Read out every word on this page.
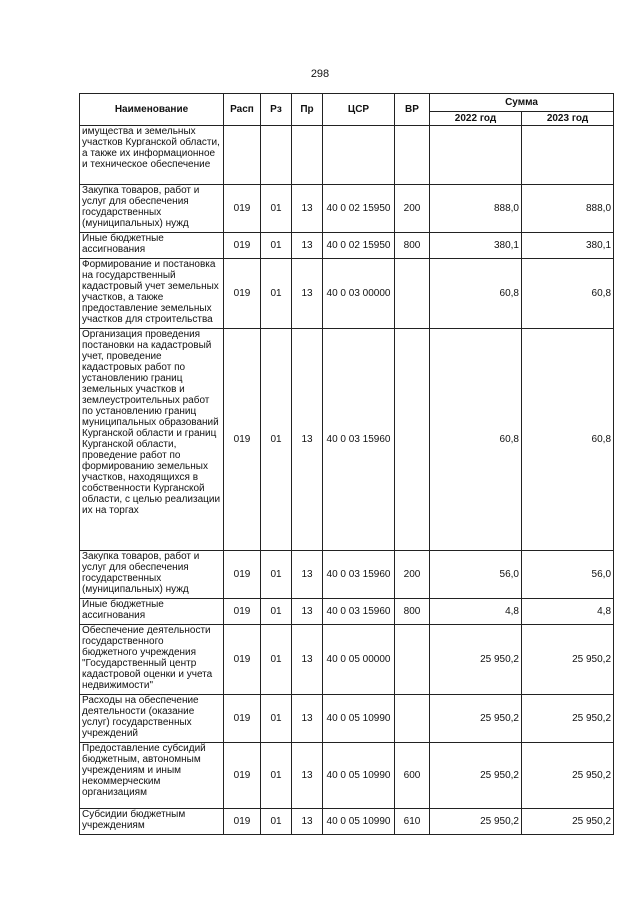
298
Наименование	Расп	Рз	Пр	ЦСР	ВР	Сумма	
						2022 год	2023 год
имущества и земельных участков Курганской области, а также их информационное и техническое обеспечение							
Закупка товаров, работ и услуг для обеспечения государственных (муниципальных) нужд	019	01	13	40 0 02 15950	200	888,0	888,0
Иные бюджетные ассигнования	019	01	13	40 0 02 15950	800	380,1	380,1
Формирование и постановка на государственный кадастровый учет земельных участков, а также предоставление земельных участков для строительства	019	01	13	40 0 03 00000		60,8	60,8
Организация проведения постановки на кадастровый учет, проведение кадастровых работ по установлению границ земельных участков и землеустроительных работ по установлению границ муниципальных образований Курганской области и границ Курганской области, проведение работ по формированию земельных участков, находящихся в собственности Курганской области, с целью реализации их на торгах	019	01	13	40 0 03 15960		60,8	60,8
Закупка товаров, работ и услуг для обеспечения государственных (муниципальных) нужд	019	01	13	40 0 03 15960	200	56,0	56,0
Иные бюджетные ассигнования	019	01	13	40 0 03 15960	800	4,8	4,8
Обеспечение деятельности государственного бюджетного учреждения "Государственный центр кадастровой оценки и учета недвижимости"	019	01	13	40 0 05 00000		25 950,2	25 950,2
Расходы на обеспечение деятельности (оказание услуг) государственных учреждений	019	01	13	40 0 05 10990		25 950,2	25 950,2
Предоставление субсидий бюджетным, автономным учреждениям и иным некоммерческим организациям	019	01	13	40 0 05 10990	600	25 950,2	25 950,2
Субсидии бюджетным учреждениям	019	01	13	40 0 05 10990	610	25 950,2	25 950,2
